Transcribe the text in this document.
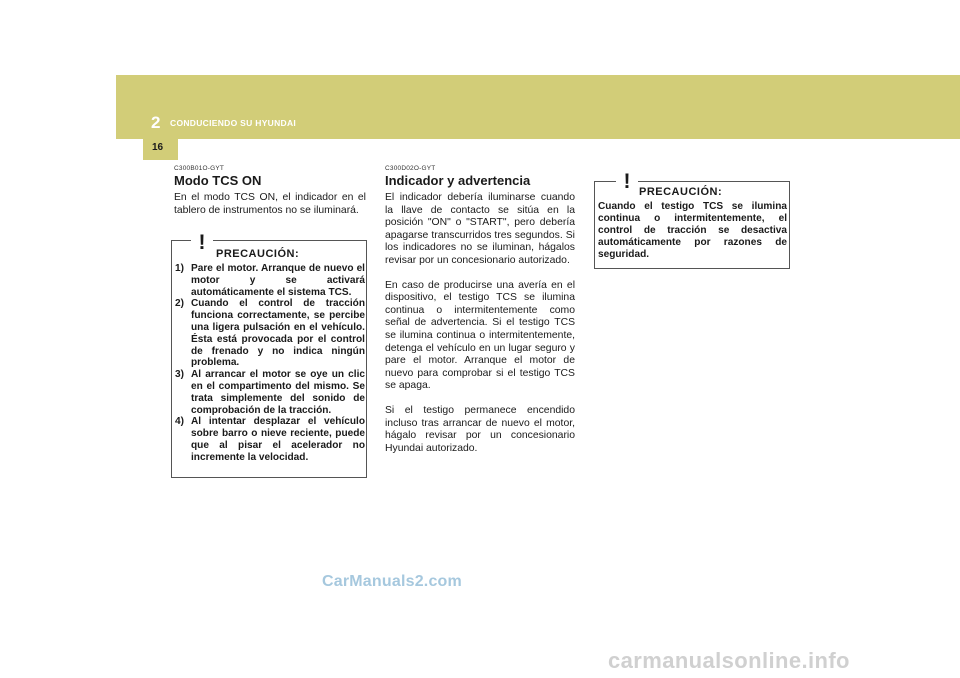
2 CONDUCIENDO SU HYUNDAI
16
C300B01O-GYT
Modo TCS ON

En el modo TCS ON, el indicador en el tablero de instrumentos no se iluminará.

! PRECAUCIÓN:
1) Pare el motor. Arranque de nuevo el motor y se activará automáticamente el sistema TCS.
2) Cuando el control de tracción funciona correctamente, se percibe una ligera pulsación en el vehículo. Ésta está provocada por el control de frenado y no indica ningún problema.
3) Al arrancar el motor se oye un clic en el compartimento del mismo. Se trata simplemente del sonido de comprobación de la tracción.
4) Al intentar desplazar el vehículo sobre barro o nieve reciente, puede que al pisar el acelerador no incremente la velocidad.
C300D02O-GYT
Indicador y advertencia

El indicador debería iluminarse cuando la llave de contacto se sitúa en la posición "ON" o "START", pero debería apagarse transcurridos tres segundos. Si los indicadores no se iluminan, hágalos revisar por un concesionario autorizado.

En caso de producirse una avería en el dispositivo, el testigo TCS se ilumina continua o intermitentemente como señal de advertencia. Si el testigo TCS se ilumina continua o intermitentemente, detenga el vehículo en un lugar seguro y pare el motor. Arranque el motor de nuevo para comprobar si el testigo TCS se apaga.

Si el testigo permanece encendido incluso tras arrancar de nuevo el motor, hágalo revisar por un concesionario Hyundai autorizado.

! PRECAUCIÓN:
Cuando el testigo TCS se ilumina continua o intermitentemente, el control de tracción se desactiva automáticamente por razones de seguridad.
CarManuals2.com
carmanualsonline.info
